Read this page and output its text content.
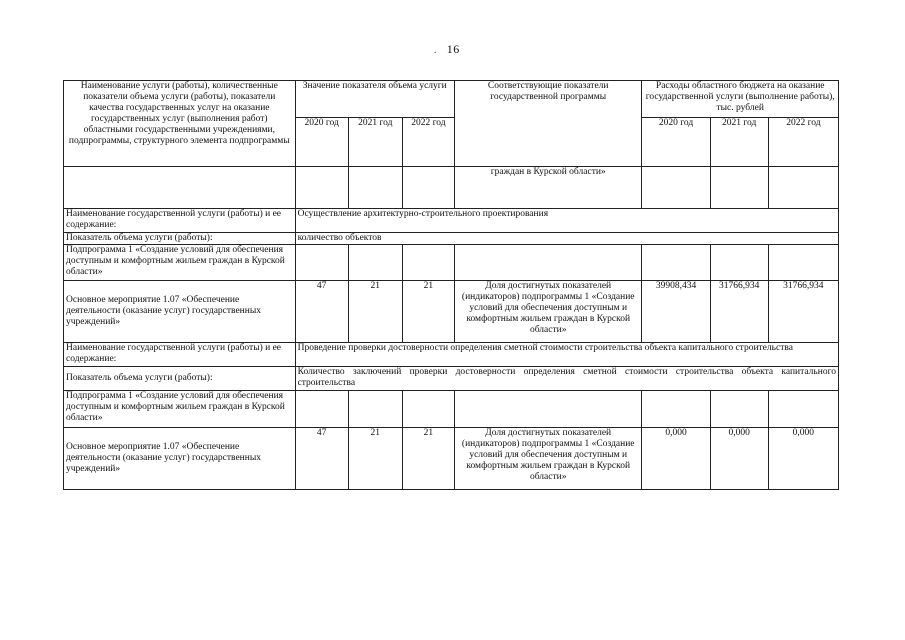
. 16
Наименование услуги (работы), количественные показатели объема услуги (работы), показатели качества государственных услуг на оказание государственных услуг (выполнения работ) областными государственными учреждениями, подпрограммы, структурного элемента подпрограммы	Значение показателя объема услуги			Соответствующие показатели государственной программы	Расходы областного бюджета на оказание государственной услуги (выполнение работы), тыс. рублей		
	2020 год	2021 год	2022 год		2020 год	2021 год	2022 год
				граждан в Курской области»			
Наименование государственной услуги (работы) и ее содержание:	Осуществление архитектурно-строительного проектирования						
Показатель объема услуги (работы):	количество объектов						
Подпрограмма 1 «Создание условий для обеспечения доступным и комфортным жильем граждан в Курской области»							
Основное мероприятие 1.07 «Обеспечение деятельности (оказание услуг) государственных учреждений»	47	21	21	Доля достигнутых показателей (индикаторов) подпрограммы 1 «Создание условий для обеспечения доступным и комфортным жильем граждан в Курской области»	39908,434	31766,934	31766,934
Наименование государственной услуги (работы) и ее содержание:	Проведение проверки достоверности определения сметной стоимости строительства объекта капитального строительства						
Показатель объема услуги (работы):	Количество заключений проверки достоверности определения сметной стоимости строительства объекта капитального строительства						
Подпрограмма 1 «Создание условий для обеспечения доступным и комфортным жильем граждан в Курской области»							
Основное мероприятие 1.07 «Обеспечение деятельности (оказание услуг) государственных учреждений»	47	21	21	Доля достигнутых показателей (индикаторов) подпрограммы 1 «Создание условий для обеспечения доступным и комфортным жильем граждан в Курской области»	0,000	0,000	0,000
